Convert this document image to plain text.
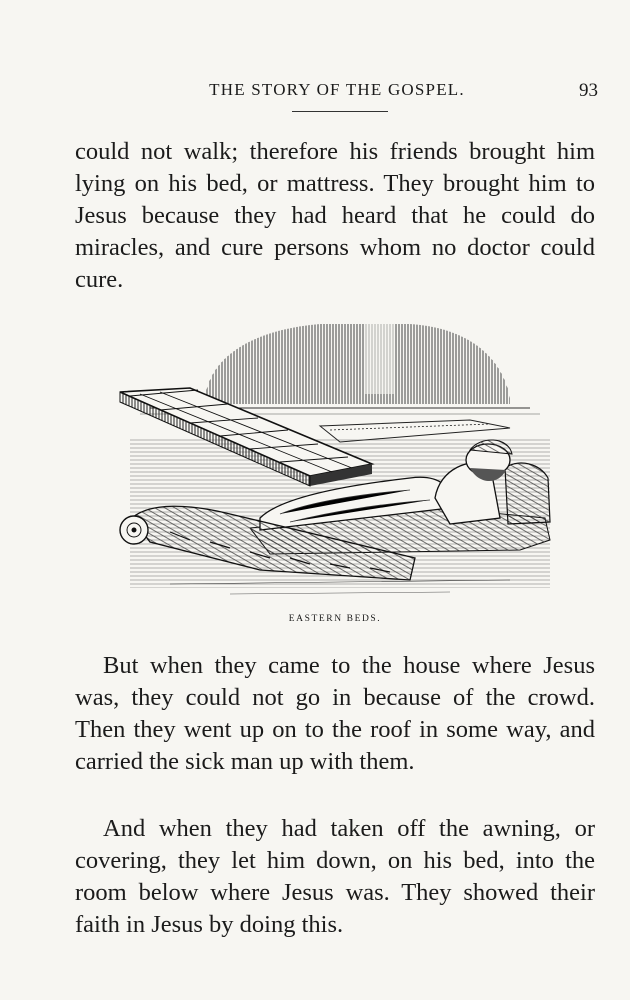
THE STORY OF THE GOSPEL.	93

could not walk; therefore his friends brought him lying on his bed, or mattress. They brought him to Jesus because they had heard that he could do miracles, and cure persons whom no doctor could cure.

EASTERN BEDS.

But when they came to the house where Jesus was, they could not go in because of the crowd. Then they went up on to the roof in some way, and carried the sick man up with them.

And when they had taken off the awning, or covering, they let him down, on his bed, into the room below where Jesus was. They showed their faith in Jesus by doing this.
